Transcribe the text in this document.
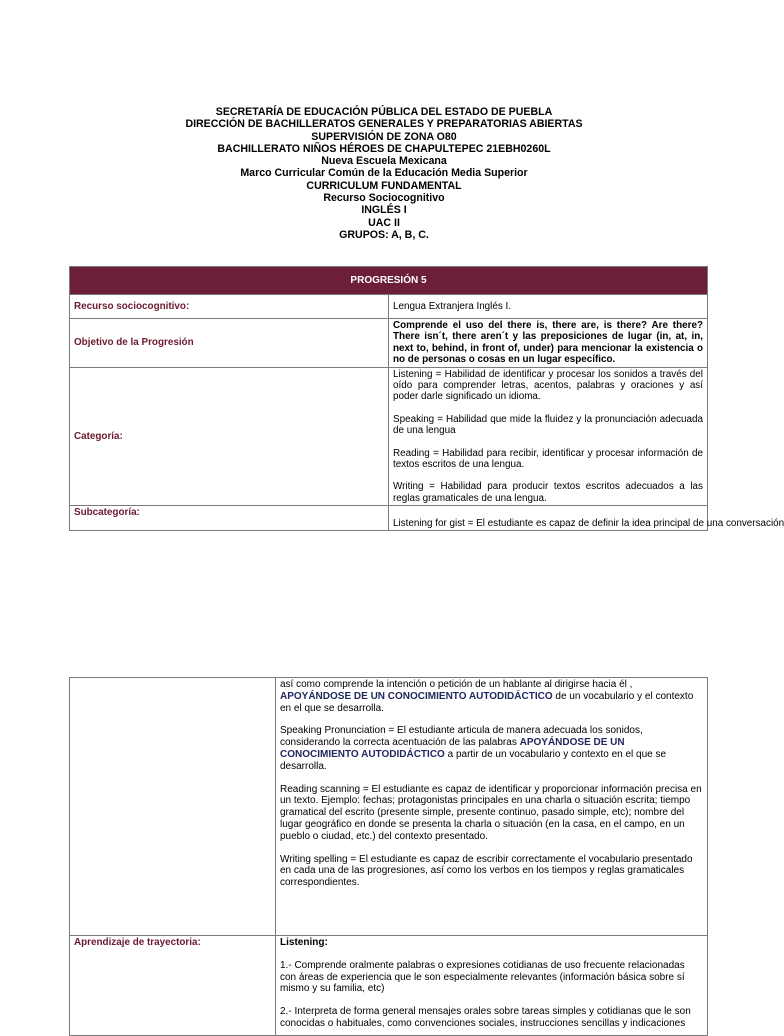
SECRETARÍA DE EDUCACIÓN PÚBLICA DEL ESTADO DE PUEBLA
DIRECCIÓN DE BACHILLERATOS GENERALES Y PREPARATORIAS ABIERTAS
SUPERVISIÓN DE ZONA O80
BACHILLERATO NIÑOS HÉROES DE CHAPULTEPEC 21EBH0260L
Nueva Escuela Mexicana
Marco Curricular Común de la Educación Media Superior
CURRICULUM FUNDAMENTAL
Recurso Sociocognitivo
INGLÉS I
UAC II
GRUPOS: A, B, C.
PROGRESIÓN 5	
Recurso sociocognitivo:	Lengua Extranjera Inglés I.
Objetivo de la Progresión	Comprende el uso del there is, there are, is there? Are there? There isn´t, there aren´t y las preposiciones de lugar (in, at, in, next to, behind, in front of, under) para mencionar la existencia o no de personas o cosas en un lugar específico.
Categoría:	Listening = Habilidad de identificar y procesar los sonidos a través del oído para comprender letras, acentos, palabras y oraciones y así poder darle significado un idioma.

Speaking = Habilidad que mide la fluidez y la pronunciación adecuada de una lengua

Reading = Habilidad para recibir, identificar y procesar información de textos escritos de una lengua.

Writing = Habilidad para producir textos escritos adecuados a las reglas gramaticales de una lengua.

Subcategoría:	Listening for gist = El estudiante es capaz de definir la idea principal de una conversación

	así como comprende la intención o petición de un hablante al dirigirse hacia él ,
APOYÁNDOSE DE UN CONOCIMIENTO AUTODIDÁCTICO de un vocabulario y el contexto en el que se desarrolla.

Speaking Pronunciation = El estudiante articula de manera adecuada los sonidos, considerando la correcta acentuación de las palabras APOYÁNDOSE DE UN CONOCIMIENTO AUTODIDÁCTICO a partir de un vocabulario y contexto en el que se desarrolla.

Reading scanning = El estudiante es capaz de identificar y proporcionar información precisa en un texto. Ejemplo: fechas; protagonistas principales en una charla o situación escrita; tiempo gramatical del escrito (presente simple, presente continuo, pasado simple, etc); nombre del lugar geográfico en donde se presenta la charla o situación (en la casa, en el campo, en un pueblo o ciudad, etc.) del contexto presentado.

Writing spelling = El estudiante es capaz de escribir correctamente el vocabulario presentado en cada una de las progresiones, así como los verbos en los tiempos y reglas gramaticales correspondientes.

Aprendizaje de trayectoria:	Listening:

1.- Comprende oralmente palabras o expresiones cotidianas de uso frecuente relacionadas con áreas de experiencia que le son especialmente relevantes (información básica sobre sí mismo y su familia, etc)

2.- Interpreta de forma general mensajes orales sobre tareas simples y cotidianas que le son conocidas o habituales, como convenciones sociales, instrucciones sencillas y indicaciones
